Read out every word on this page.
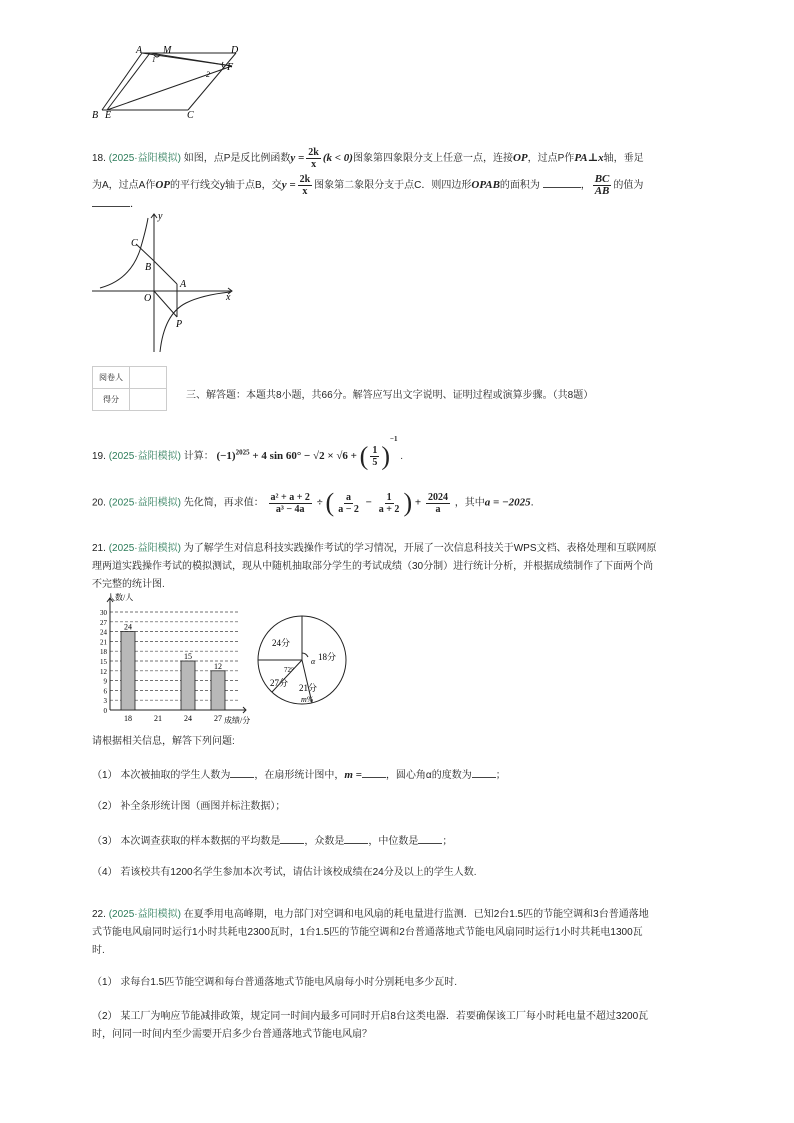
A M	D
F
2
1
B E	C
18. (2025·益阳模拟) 如图，点P是反比例函数$y = \frac{2k}{x} (k < 0)$图象第四象限分支上任意一点，连接OP，过点P作PA⊥x轴，垂足
为A，过点A作OP的平行线交y轴于点B，交$y = \frac{2k}{x}$ 图象第二象限分支于点C．则四边形OPAB的面积为	， $\frac{BC}{AB}$ 的值为
．
y
x
C
B
A
O
P
阅卷人	
得分		三、解答题：本题共8小题，共66分。解答应写出文字说明、证明过程或演算步骤。（共8题）
19. (2025·益阳模拟) 计算： $(-1)^{2025} + 4$ sin 60° − √2 × √6 + ( $\frac{1}{5} )^{-1}$ .
20. (2025·益阳模拟) 先化简，再求值： $\frac{\text{a² + a + 2}}{\text{a³ − 4a}}$ ÷ ( $\frac{a}{a - 2} - \frac{1}{a + 2}$ ) + $\frac{2024}{a}$ ，其中a = −2025．
21. (2025·益阳模拟) 为了解学生对信息科技实践操作考试的学习情况，开展了一次信息科技关于WPS文档、表格处理和互联网原
理两道实践操作考试的模拟测试，现从中随机抽取部分学生的考试成绩（30分制）进行统计分析，并根据成绩制作了下面两个尚
不完整的统计图.
0
3
6
9
12
15
18
21
24
27
30
人数/人
成绩/分
18
24
21	24
15
27
12
24分
18分
21分
m%
27分
72°
α
请根据相关信息，解答下列问题:
（1） 本次被抽取的学生人数为 ，在扇形统计图中，m = ，圆心角α的度数为 ；
（2） 补全条形统计图（画图并标注数据）；
（3） 本次调查获取的样本数据的平均数是 ，众数是 ，中位数是 ；
（4） 若该校共有1200名学生参加本次考试，请估计该校成绩在24分及以上的学生人数.
22. (2025·益阳模拟) 在夏季用电高峰期，电力部门对空调和电风扇的耗电量进行监测．已知2台1.5匹的节能空调和3台普通落地
式节能电风扇同时运行1小时共耗电2300瓦时，1台1.5匹的节能空调和2台普通落地式节能电风扇同时运行1小时共耗电1300瓦
时.
（1） 求每台1.5匹节能空调和每台普通落地式节能电风扇每小时分别耗电多少瓦时.
（2） 某工厂为响应节能减排政策，规定同一时间内最多可同时开启8台这类电器．若要确保该工厂每小时耗电量不超过3200瓦
时，问同一时间内至少需要开启多少台普通落地式节能电风扇？
